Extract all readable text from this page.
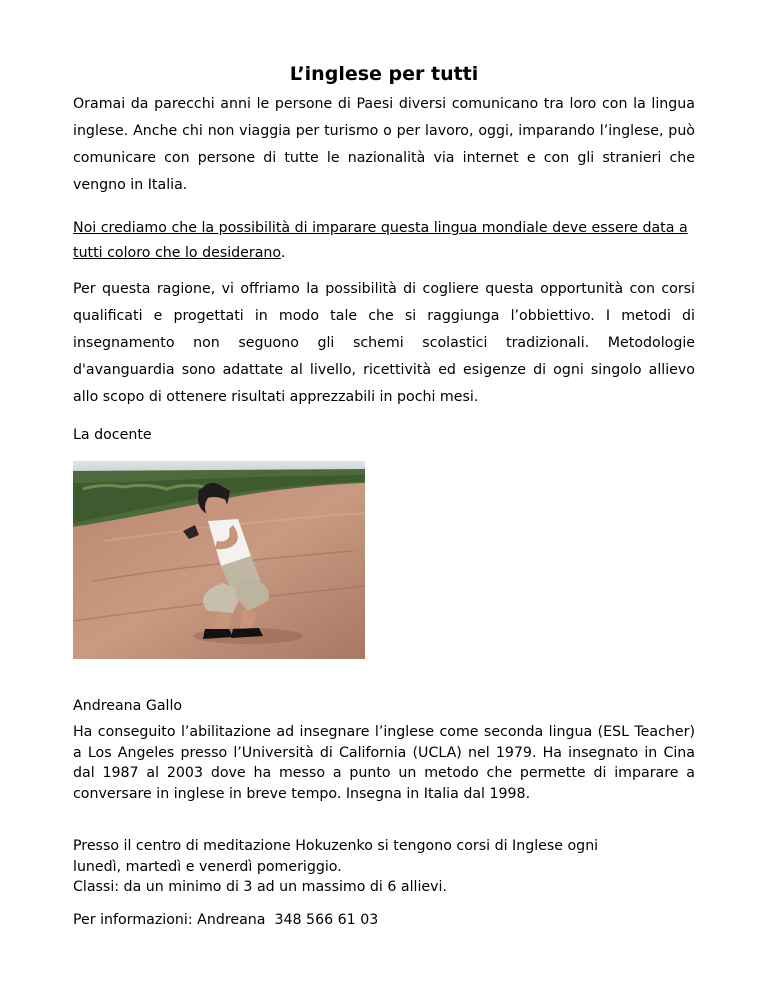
L’inglese per tutti

Oramai da parecchi anni le persone di Paesi diversi comunicano tra loro con la lingua inglese. Anche chi non viaggia per turismo o per lavoro, oggi, imparando l’inglese, può comunicare con persone di tutte le nazionalità via internet e con gli stranieri che vengno in Italia.

Noi crediamo che la possibilità di imparare questa lingua mondiale deve essere data a tutti coloro che lo desiderano.

Per questa ragione, vi offriamo la possibilità di cogliere questa opportunità con corsi qualificati e progettati in modo tale che si raggiunga l’obbiettivo. I metodi di insegnamento non seguono gli schemi scolastici tradizionali. Metodologie d'avanguardia sono adattate al livello, ricettività ed esigenze di ogni singolo allievo allo scopo di ottenere risultati apprezzabili in pochi mesi.

La docente

Andreana Gallo

Ha conseguito l’abilitazione ad insegnare l’inglese come seconda lingua (ESL Teacher) a Los Angeles presso l’Università di California (UCLA) nel 1979. Ha insegnato in Cina dal 1987 al 2003 dove ha messo a punto un metodo che permette di imparare a conversare in inglese in breve tempo. Insegna in Italia dal 1998.

Presso il centro di meditazione Hokuzenko si tengono corsi di Inglese ogni
lunedì, martedì e venerdì pomeriggio.
Classi: da un minimo di 3 ad un massimo di 6 allievi.

Per informazioni: Andreana  348 566 61 03
